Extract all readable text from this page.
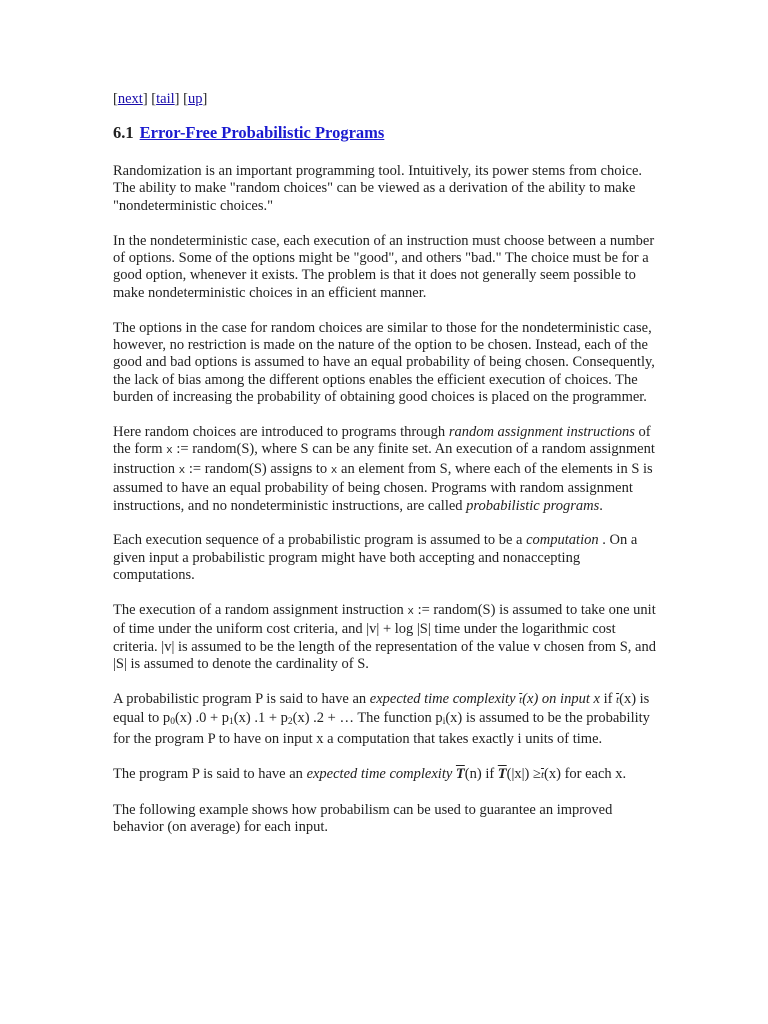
[next] [tail] [up]
6.1 Error-Free Probabilistic Programs

Randomization is an important programming tool. Intuitively, its power stems from choice. The ability to make "random choices" can be viewed as a derivation of the ability to make "nondeterministic choices."

In the nondeterministic case, each execution of an instruction must choose between a number of options. Some of the options might be "good", and others "bad." The choice must be for a good option, whenever it exists. The problem is that it does not generally seem possible to make nondeterministic choices in an efficient manner.

The options in the case for random choices are similar to those for the nondeterministic case, however, no restriction is made on the nature of the option to be chosen. Instead, each of the good and bad options is assumed to have an equal probability of being chosen. Consequently, the lack of bias among the different options enables the efficient execution of choices. The burden of increasing the probability of obtaining good choices is placed on the programmer.

Here random choices are introduced to programs through random assignment instructions of the form x := random(S), where S can be any finite set. An execution of a random assignment instruction x := random(S) assigns to x an element from S, where each of the elements in S is assumed to have an equal probability of being chosen. Programs with random assignment instructions, and no nondeterministic instructions, are called probabilistic programs.

Each execution sequence of a probabilistic program is assumed to be a computation . On a given input a probabilistic program might have both accepting and nonaccepting computations.

The execution of a random assignment instruction x := random(S) is assumed to take one unit of time under the uniform cost criteria, and |v| + log |S| time under the logarithmic cost criteria. |v| is assumed to be the length of the representation of the value v chosen from S, and |S| is assumed to denote the cardinality of S.

A probabilistic program P is said to have an expected time complexity $\overline{t}(x)$ on input x if $\overline{t}(x)$ is equal to $p_0(x) .0 + p_1(x) .1 + p_2(x) .2$ + … The function $p_i(x)$ is assumed to be the probability for the program P to have on input x a computation that takes exactly i units of time.

The program P is said to have an expected time complexity $\overline{T}(n)$ if $\overline{T}(|x|) \ge\overline{t}(x)$ for each x.

The following example shows how probabilism can be used to guarantee an improved behavior (on average) for each input.
